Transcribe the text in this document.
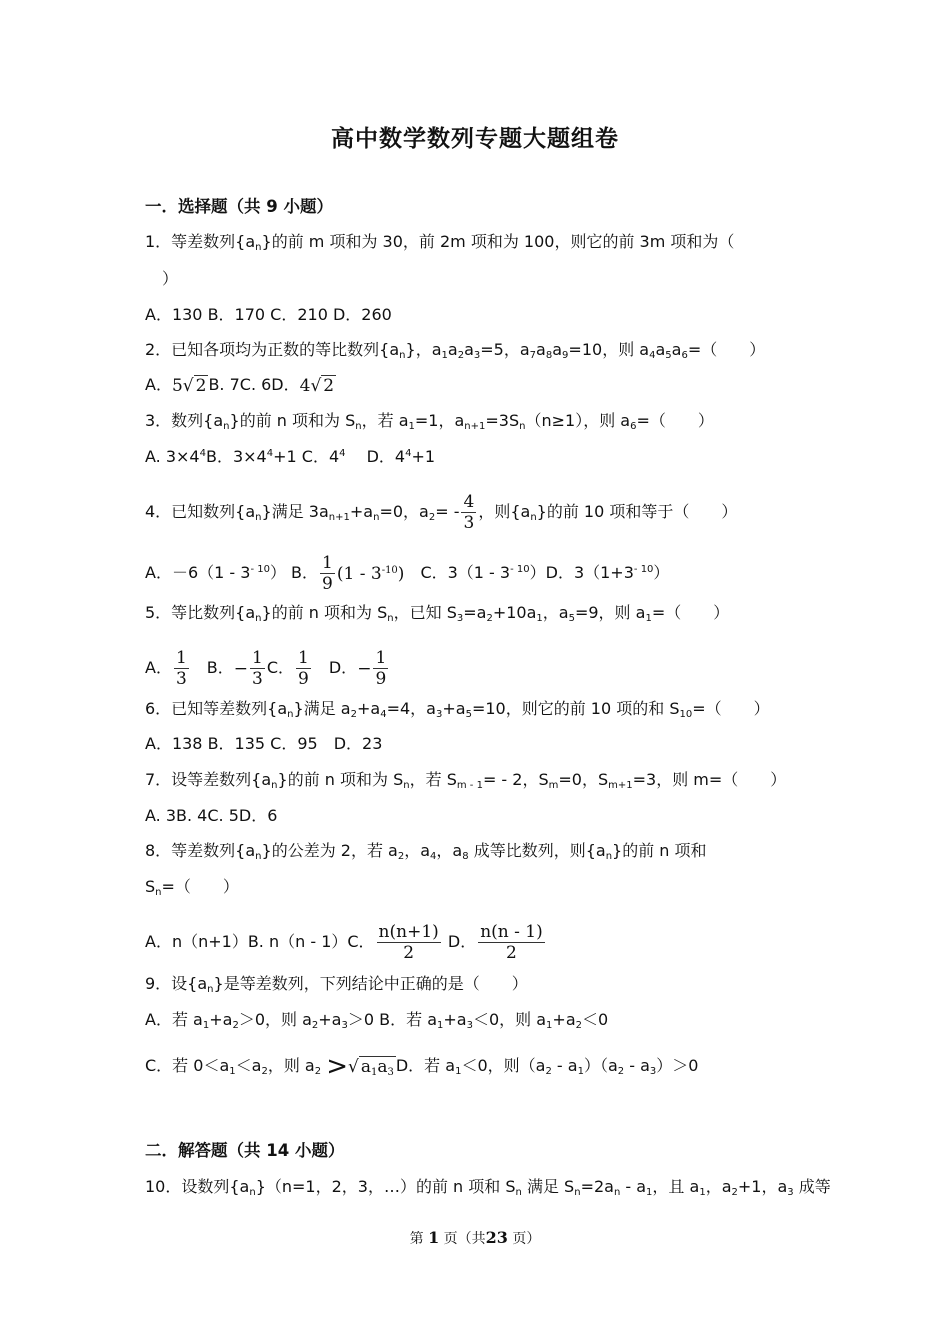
高中数学数列专题大题组卷
一．选择题（共 9 小题）
1．等差数列$\{a_n\}$的前 m 项和为 30，前 2m 项和为 100，则它的前 3m 项和为（
）
A．130 B．170 C．210 D．260
2．已知各项均为正数的等比数列$\{a_n\}$，$a_1a_2a_3=5$，$a_7a_8a_9=10$，则 $a_4a_5a_6=$（　　）
A．5√ 2 B. 7C. 6D．4√ 2
3．数列$\{a_n\}$的前 n 项和为 $S_n$，若 $a_1=1$，$a_{n+1}=3S_n(n\ge 1)$，则 $a_6=$（　　）
A. $3\times 4^4B$．$3\times 4^4+1$ C．$4^4$　 D．$4^4+1$
4．已知数列$\{a_n\}$满足 $3a_{n+1}+a_n=0$，$a_2= - \frac{4}{3}$ ，则$\{a_n\}$的前 10 项和等于（　　）
A．$-6(1 - 3^{- 10})$ B． $\frac{1}{9} (1 - 3^{-10})$　C．$3(1 - 3^{- 10})D$．$3(1+3^{- 10})$
5．等比数列$\{a_n\}$的前 n 项和为 $S_n$，已知 $S_3=a_2+10a_1$，$a_5=9$，则 $a_1=$（　　）
A． $\frac{1}{3}$ 　B．− $\frac{1}{3}$ C． $\frac{1}{9}$ 　D．− $\frac{1}{9}$
6．已知等差数列$\{a_n\}$满足 $a_2+a_4=4$，$a_3+a_5=10$，则它的前 10 项的和 $S_{10}=$（　　）
A．138 B．135 C．95　D．23
7．设等差数列$\{a_n\}$的前 n 项和为 $S_n$，若 $S_{m - 1}= - 2$，$S_m=0$，$S_{m+1}=3$，则 m=（　　）
A. 3B. 4C. 5D．6
8．等差数列$\{a_n\}$的公差为 2，若 $a_2$，$a_4$，$a_8$ 成等比数列，则$\{a_n\}$的前 n 项和
$S_n=$（　　）
A．n（n+1）B. n（n - 1）C． $\frac{n(n+1)}{2}$ D． $\frac{n(n - 1)}{2}$
9．设$\{a_n\}$是等差数列，下列结论中正确的是（　　）
A．若 $a_1+a_2>0$，则 $a_2+a_3>0$ B．若 $a_1+a_3<0$，则 $a_1+a_2<0$
C．若 $0<a_1<a_2$，则 $a_2$ >√ $a_1a_3$ D．若 $a_1<0$，则$(a_2 - a_1)(a_2 - a_3)>0$
二．解答题（共 14 小题）
10．设数列$\{a_n\}(n=1$，2，3，…）的前 n 项和 $S_n$ 满足 $S_n=2a_n - a_1$，且 $a_1$，$a_2+1$，$a_3$ 成等
第 1 页（共23 页）
